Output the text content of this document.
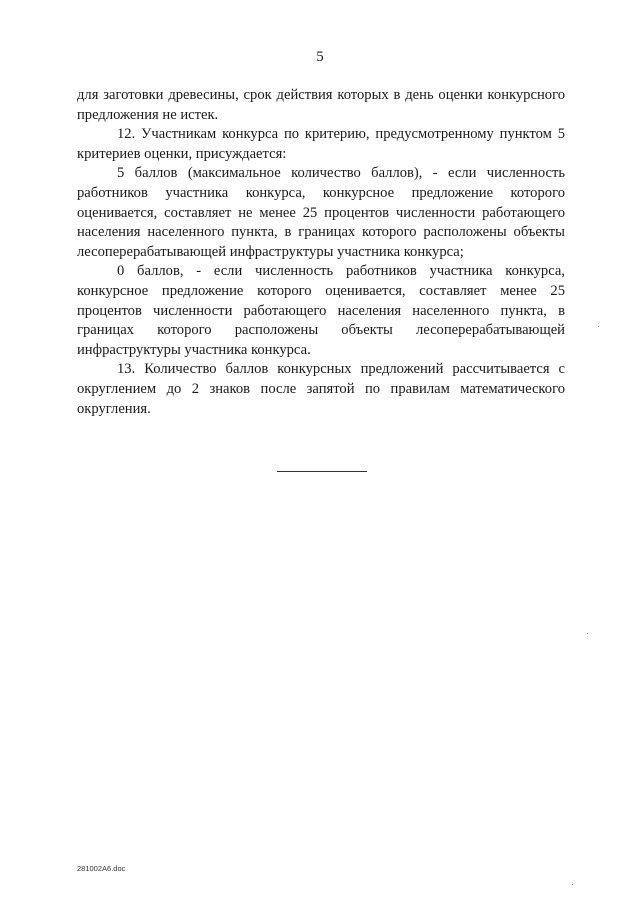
5

для заготовки древесины, срок действия которых в день оценки конкурсного предложения не истек.

12. Участникам конкурса по критерию, предусмотренному пунктом 5 критериев оценки, присуждается:

5 баллов (максимальное количество баллов), - если численность работников участника конкурса, конкурсное предложение которого оценивается, составляет не менее 25 процентов численности работающего населения населенного пункта, в границах которого расположены объекты лесоперерабатывающей инфраструктуры участника конкурса;

0 баллов, - если численность работников участника конкурса, конкурсное предложение которого оценивается, составляет менее 25 процентов численности работающего населения населенного пункта, в границах которого расположены объекты лесоперерабатывающей инфраструктуры участника конкурса.

13. Количество баллов конкурсных предложений рассчитывается с округлением до 2 знаков после запятой по правилам математического округления.

281002A6.doc
